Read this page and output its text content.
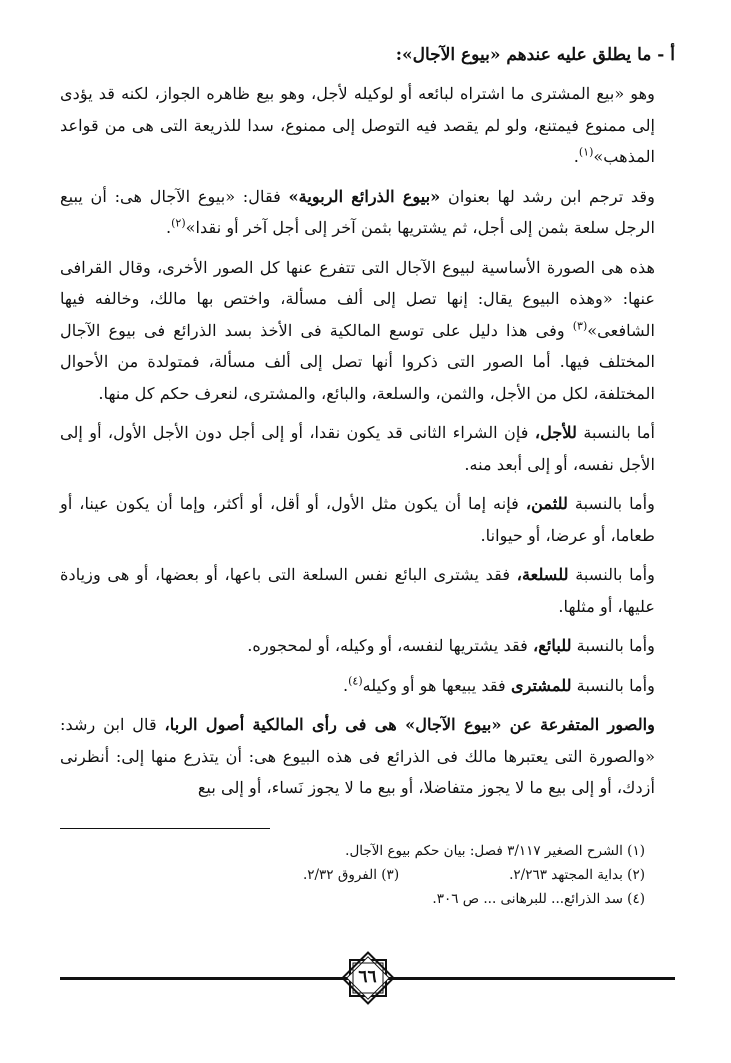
أ - ما يطلق عليه عندهم «بيوع الآجال»:

وهو «بيع المشترى ما اشتراه لبائعه أو لوكيله لأجل، وهو بيع ظاهره الجواز، لكنه قد يؤدى إلى ممنوع فيمتنع، ولو لم يقصد فيه التوصل إلى ممنوع، سدا للذريعة التى هى من قواعد المذهب»$^{(١)}$.

وقد ترجم ابن رشد لها بعنوان «بيوع الذرائع الربوية» فقال: «بيوع الآجال هى: أن يبيع الرجل سلعة بثمن إلى أجل، ثم يشتريها بثمن آخر إلى أجل آخر أو نقدا»$^{(٢)}$.

هذه هى الصورة الأساسية لبيوع الآجال التى تتفرع عنها كل الصور الأخرى، وقال القرافى عنها: «وهذه البيوع يقال: إنها تصل إلى ألف مسألة، واختص بها مالك، وخالفه فيها الشافعى»$^{(٣)}$ وفى هذا دليل على توسع المالكية فى الأخذ بسد الذرائع فى بيوع الآجال المختلف فيها. أما الصور التى ذكروا أنها تصل إلى ألف مسألة، فمتولدة من الأحوال المختلفة، لكل من الأجل، والثمن، والسلعة، والبائع، والمشترى، لنعرف حكم كل منها.

أما بالنسبة للأجل، فإن الشراء الثانى قد يكون نقدا، أو إلى أجل دون الأجل الأول، أو إلى الأجل نفسه، أو إلى أبعد منه.

وأما بالنسبة للثمن، فإنه إما أن يكون مثل الأول، أو أقل، أو أكثر، وإما أن يكون عينا، أو طعاما، أو عرضا، أو حيوانا.

وأما بالنسبة للسلعة، فقد يشترى البائع نفس السلعة التى باعها، أو بعضها، أو هى وزيادة عليها، أو مثلها.

وأما بالنسبة للبائع، فقد يشتريها لنفسه، أو وكيله، أو لمحجوره.

وأما بالنسبة للمشترى فقد يبيعها هو أو وكيله$^{(٤)}$.

والصور المتفرعة عن «بيوع الآجال» هى فى رأى المالكية أصول الربا، قال ابن رشد: «والصورة التى يعتبرها مالك فى الذرائع فى هذه البيوع هى: أن يتذرع منها إلى: أنظرنى أزدك، أو إلى بيع ما لا يجوز متفاضلا، أو بيع ما لا يجوز نَساء، أو إلى بيع

(١) الشرح الصغير ٣/١١٧ فصل: بيان حكم بيوع الآجال.
(٢) بداية المجتهد ٢/٢٦٣.
(٣) الفروق ٢/٣٢.
(٤) سد الذرائع... للبرهانى ... ص ٣٠٦.
٦٦
